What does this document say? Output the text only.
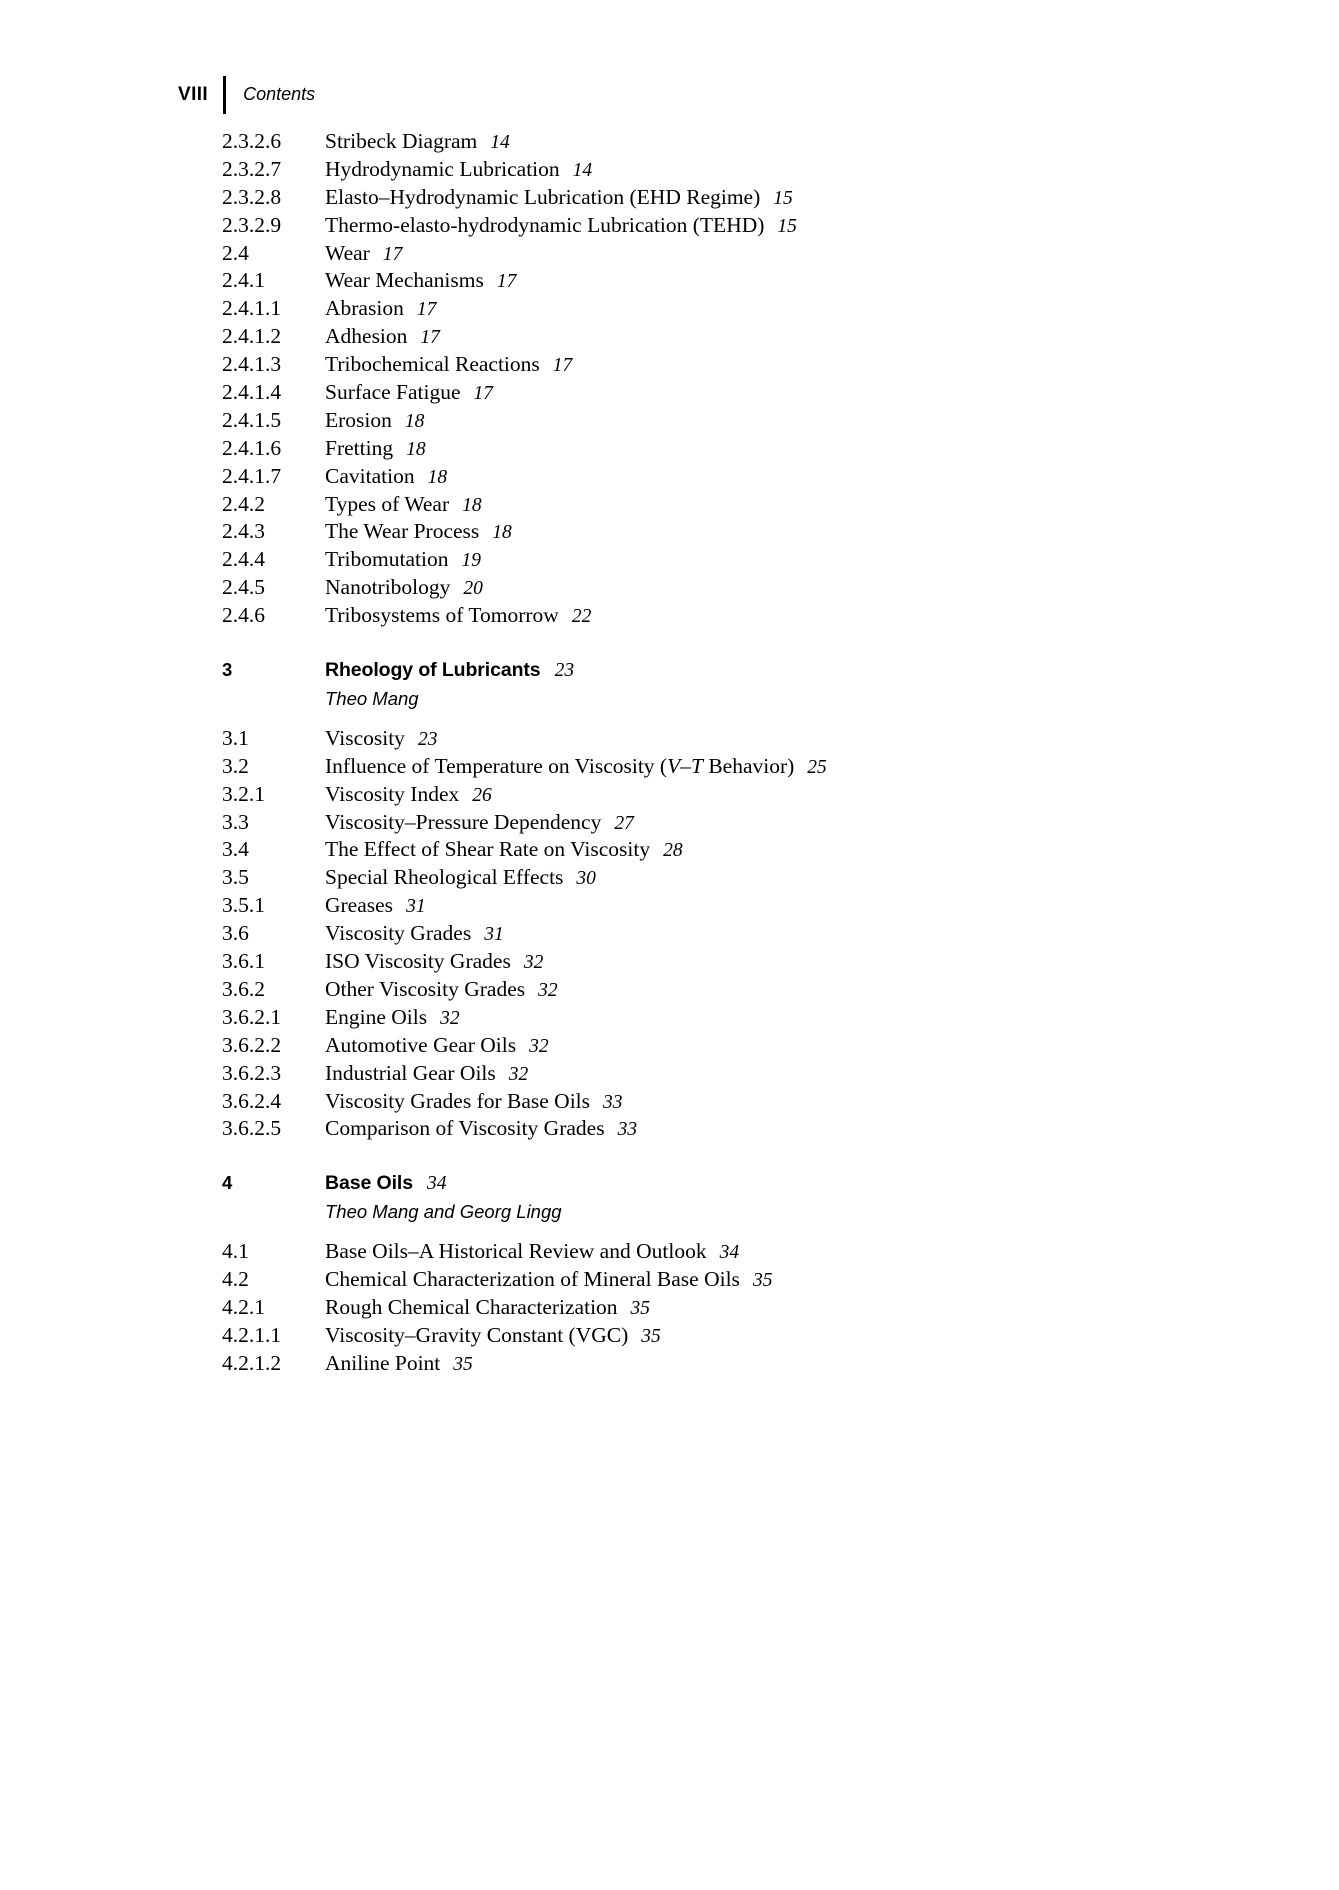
VIII Contents
2.3.2.6	Stribeck Diagram 14
2.3.2.7	Hydrodynamic Lubrication 14
2.3.2.8	Elasto–Hydrodynamic Lubrication (EHD Regime) 15
2.3.2.9	Thermo-elasto-hydrodynamic Lubrication (TEHD) 15
2.4	Wear 17
2.4.1	Wear Mechanisms 17
2.4.1.1	Abrasion 17
2.4.1.2	Adhesion 17
2.4.1.3	Tribochemical Reactions 17
2.4.1.4	Surface Fatigue 17
2.4.1.5	Erosion 18
2.4.1.6	Fretting 18
2.4.1.7	Cavitation 18
2.4.2	Types of Wear 18
2.4.3	The Wear Process 18
2.4.4	Tribomutation 19
2.4.5	Nanotribology 20
2.4.6	Tribosystems of Tomorrow 22
3	Rheology of Lubricants 23
Theo Mang
3.1	Viscosity 23
3.2	Influence of Temperature on Viscosity (V–T Behavior) 25
3.2.1	Viscosity Index 26
3.3	Viscosity–Pressure Dependency 27
3.4	The Effect of Shear Rate on Viscosity 28
3.5	Special Rheological Effects 30
3.5.1	Greases 31
3.6	Viscosity Grades 31
3.6.1	ISO Viscosity Grades 32
3.6.2	Other Viscosity Grades 32
3.6.2.1	Engine Oils 32
3.6.2.2	Automotive Gear Oils 32
3.6.2.3	Industrial Gear Oils 32
3.6.2.4	Viscosity Grades for Base Oils 33
3.6.2.5	Comparison of Viscosity Grades 33
4	Base Oils 34
Theo Mang and Georg Lingg
4.1	Base Oils–A Historical Review and Outlook 34
4.2	Chemical Characterization of Mineral Base Oils 35
4.2.1	Rough Chemical Characterization 35
4.2.1.1	Viscosity–Gravity Constant (VGC) 35
4.2.1.2	Aniline Point 35
